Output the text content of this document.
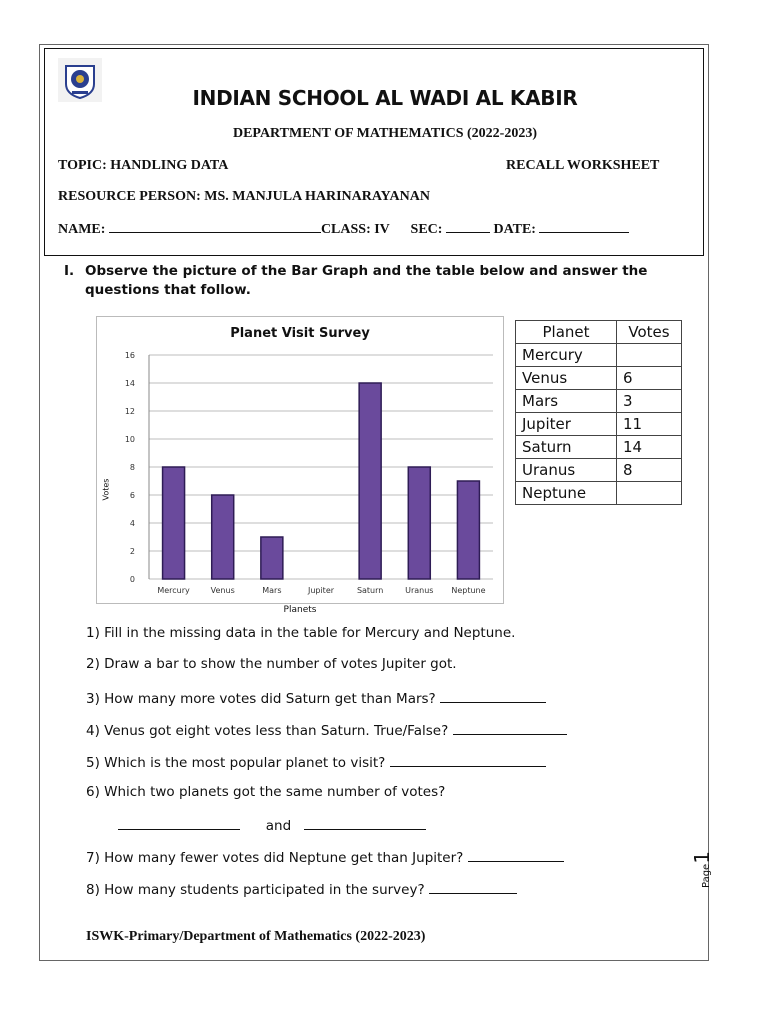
INDIAN SCHOOL AL WADI AL KABIR
DEPARTMENT OF MATHEMATICS (2022-2023)
TOPIC: HANDLING DATA	RECALL WORKSHEET
RESOURCE PERSON: MS. MANJULA HARINARAYANAN
NAME:	CLASS: IV SEC:	DATE:
I. Observe the picture of the Bar Graph and the table below and answer the questions that follow.
Planet Visit Survey
Votes
0
2
4
6
8
10
12
14
16
Mercury	Venus	Mars	Jupiter	Saturn	Uranus Neptune
Planets
Planet	Votes
Mercury	
Venus	6
Mars	3
Jupiter	11
Saturn	14
Uranus	8
Neptune	
1) Fill in the missing data in the table for Mercury and Neptune.
2) Draw a bar to show the number of votes Jupiter got.
3) How many more votes did Saturn get than Mars?
4) Venus got eight votes less than Saturn. True/False?
5) Which is the most popular planet to visit?
6) Which two planets got the same number of votes?
and
7) How many fewer votes did Neptune get than Jupiter?
8) How many students participated in the survey?
ISWK-Primary/Department of Mathematics (2022-2023)
Page1
